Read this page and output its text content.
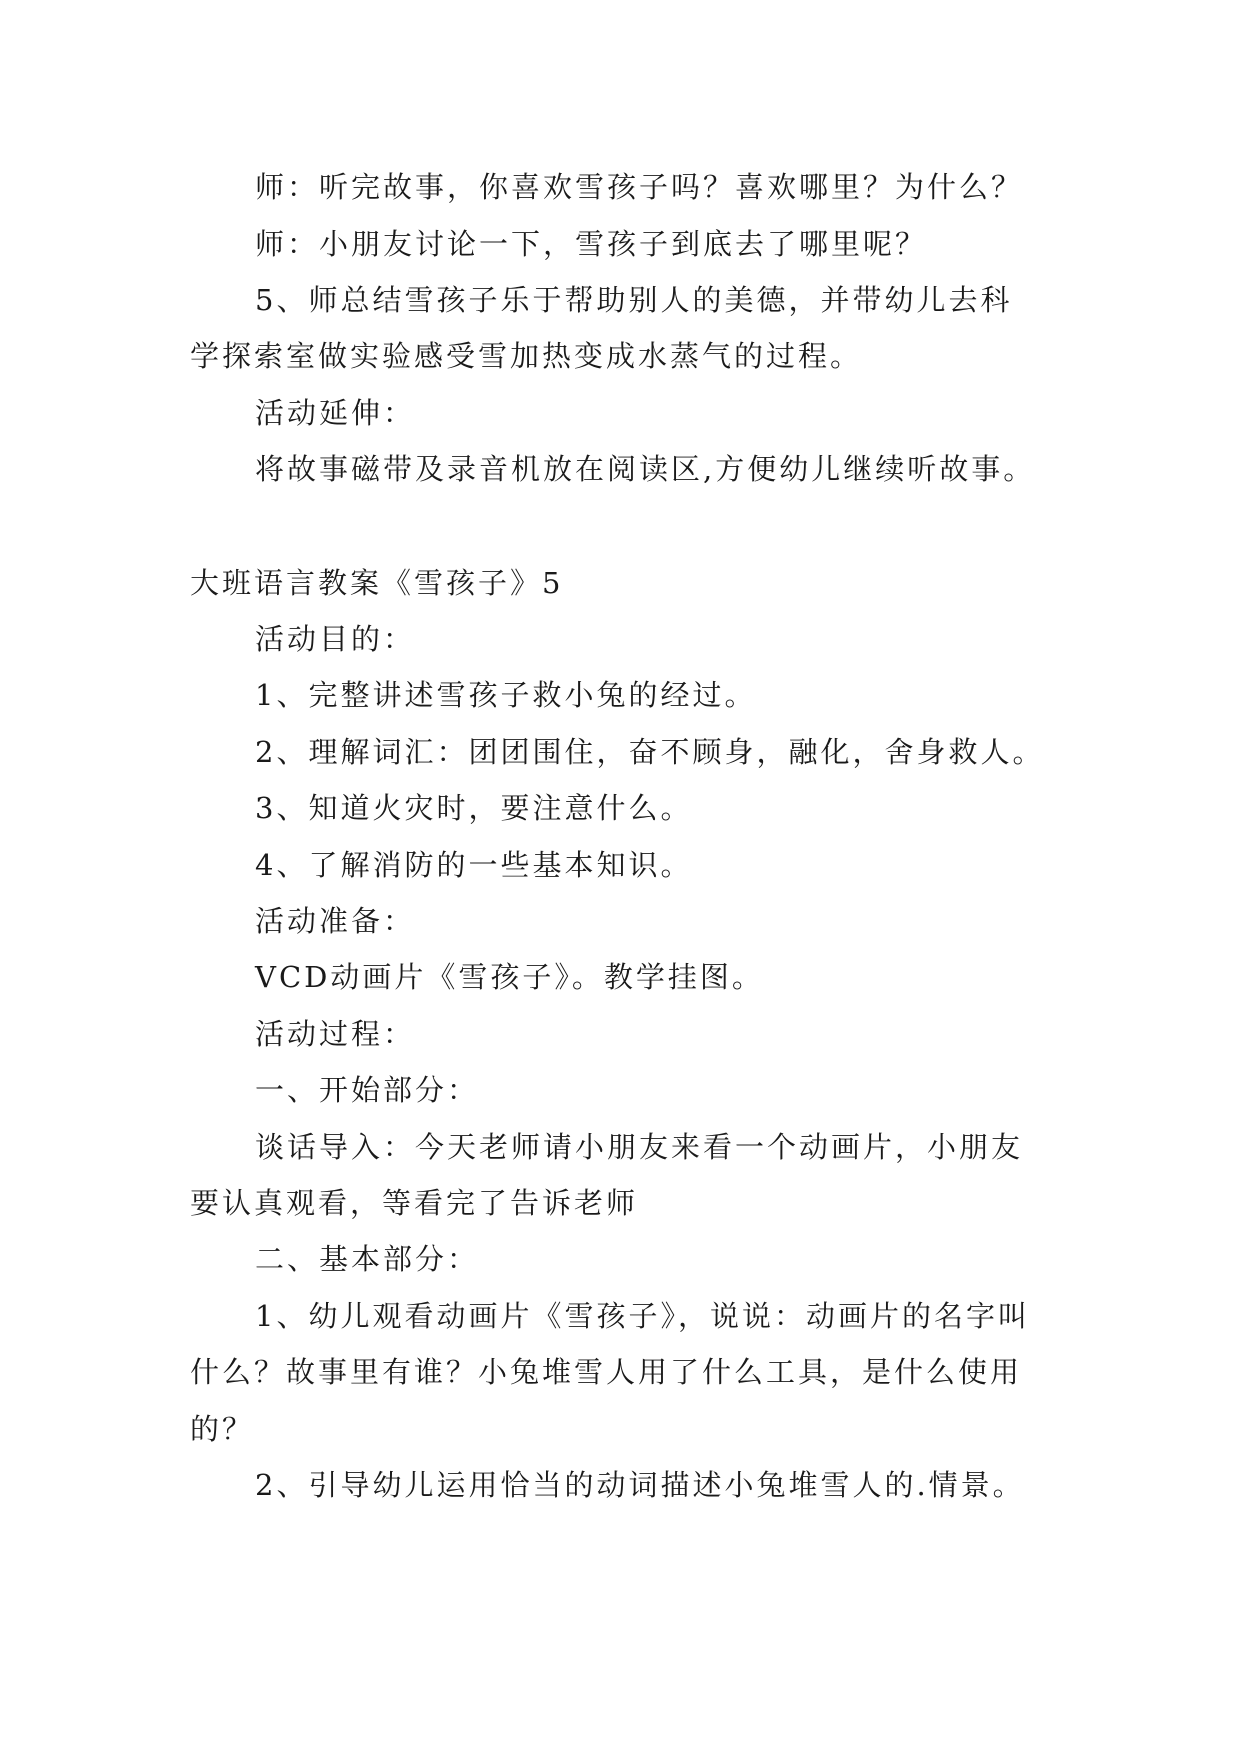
师：听完故事，你喜欢雪孩子吗？喜欢哪里？为什么？
师：小朋友讨论一下，雪孩子到底去了哪里呢？
5、师总结雪孩子乐于帮助别人的美德，并带幼儿去科
学探索室做实验感受雪加热变成水蒸气的过程。
活动延伸：
将故事磁带及录音机放在阅读区,方便幼儿继续听故事。
大班语言教案《雪孩子》5
活动目的：
1、完整讲述雪孩子救小兔的经过。
2、理解词汇：团团围住，奋不顾身，融化，舍身救人。
3、知道火灾时，要注意什么。
4、了解消防的一些基本知识。
活动准备：
VCD动画片《雪孩子》。教学挂图。
活动过程：
一、开始部分：
谈话导入：今天老师请小朋友来看一个动画片，小朋友
要认真观看，等看完了告诉老师
二、基本部分：
1、幼儿观看动画片《雪孩子》，说说：动画片的名字叫
什么？故事里有谁？小兔堆雪人用了什么工具，是什么使用
的？
2、引导幼儿运用恰当的动词描述小兔堆雪人的.情景。
